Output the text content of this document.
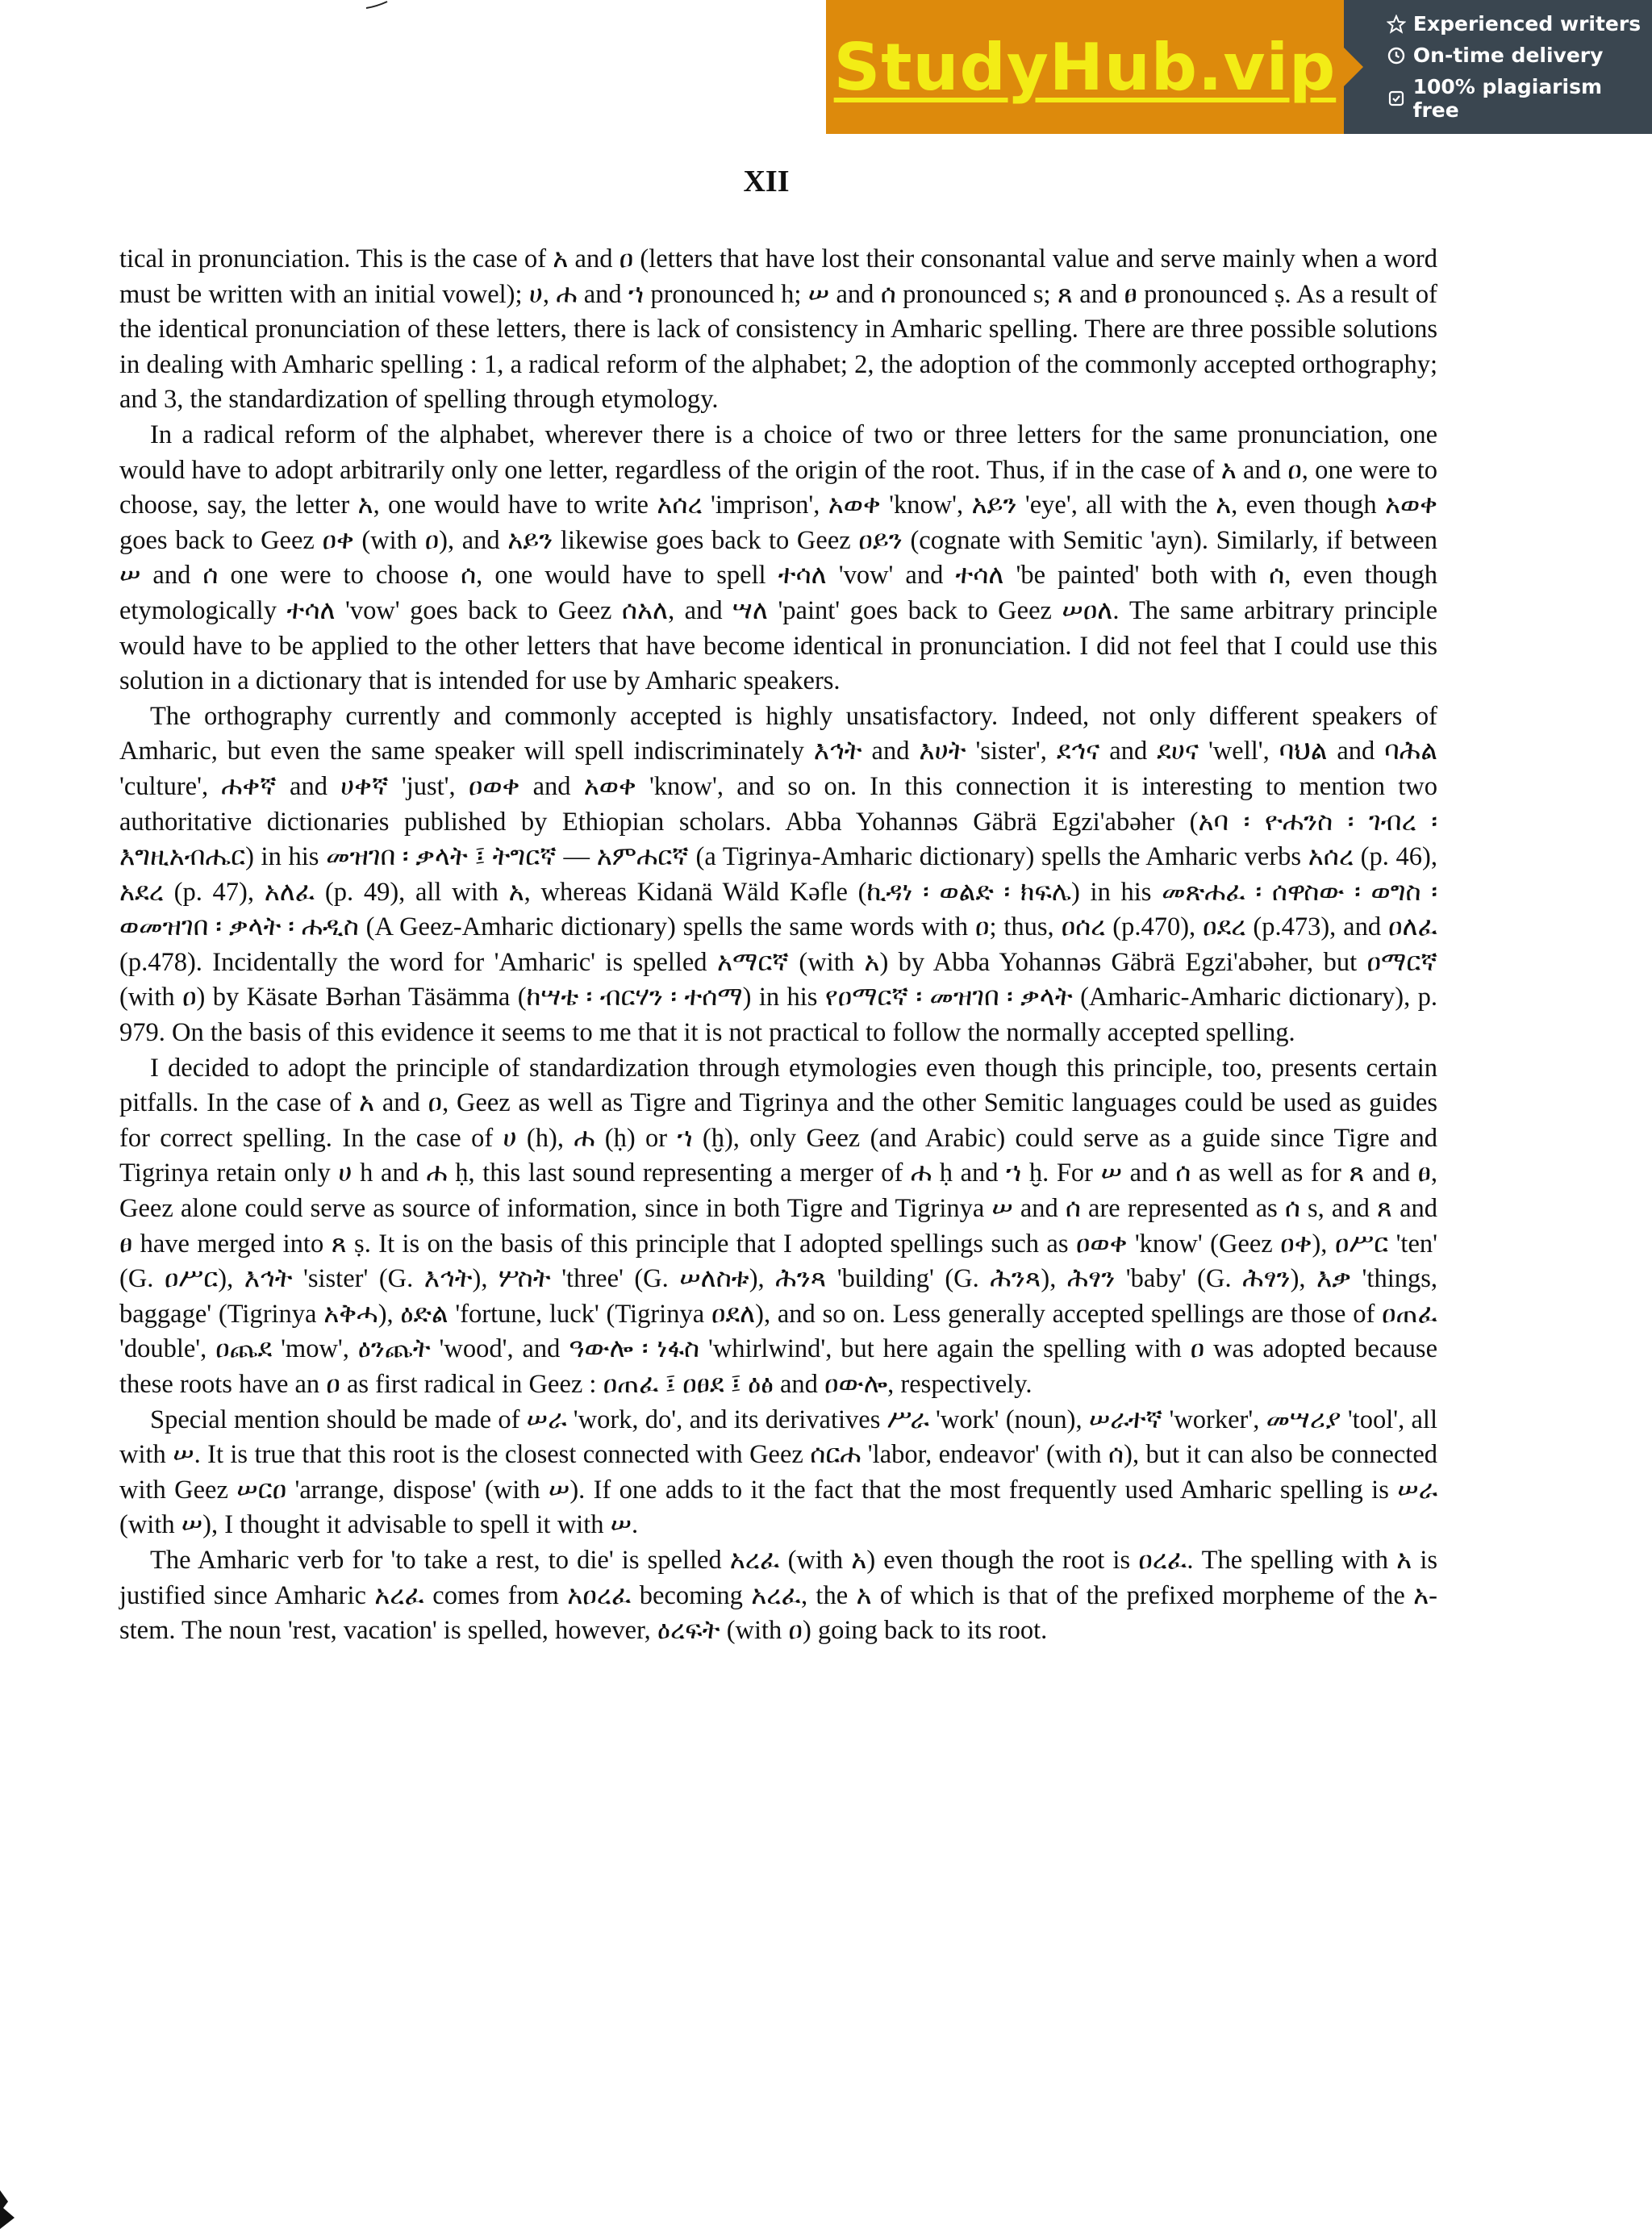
StudyHub.vip
Experienced writers
On-time delivery
100% plagiarism free
XII

tical in pronunciation. This is the case of አ and ዐ (letters that have lost their consonantal value and serve mainly when a word must be written with an initial vowel); ሀ, ሐ and ኀ pronounced h; ሠ and ሰ pronounced s; ጸ and ፀ pronounced ṣ. As a result of the identical pronunciation of these letters, there is lack of consistency in Amharic spelling. There are three possible solutions in dealing with Amharic spelling : 1, a radical reform of the alphabet; 2, the adoption of the commonly accepted orthography; and 3, the standardization of spelling through etymology.

In a radical reform of the alphabet, wherever there is a choice of two or three letters for the same pronunciation, one would have to adopt arbitrarily only one letter, regardless of the origin of the root. Thus, if in the case of አ and ዐ, one were to choose, say, the letter አ, one would have to write አሰረ 'imprison', አወቀ 'know', አይን 'eye', all with the አ, even though አወቀ goes back to Geez ዐቀ (with ዐ), and አይን likewise goes back to Geez ዐይን (cognate with Semitic 'ayn). Similarly, if between ሠ and ሰ one were to choose ሰ, one would have to spell ተሳለ 'vow' and ተሳለ 'be painted' both with ሰ, even though etymologically ተሳለ 'vow' goes back to Geez ሰአለ, and ሣለ 'paint' goes back to Geez ሠዐለ. The same arbitrary principle would have to be applied to the other letters that have become identical in pronunciation. I did not feel that I could use this solution in a dictionary that is intended for use by Amharic speakers.

The orthography currently and commonly accepted is highly unsatisfactory. Indeed, not only different speakers of Amharic, but even the same speaker will spell indiscriminately እኅት and እሀት 'sister', ደኅና and ደሀና 'well', ባህል and ባሕል 'culture', ሐቀኛ and ሀቀኛ 'just', ዐወቀ and አወቀ 'know', and so on. In this connection it is interesting to mention two authoritative dictionaries published by Ethiopian scholars. Abba Yohannəs Gäbrä Egzi'abəher (አባ ፡ ዮሐንስ ፡ ገብረ ፡ እግዚአብሔር) in his መዝገበ ፡ ቃላት ፤ ትግርኛ — አምሐርኛ (a Tigrinya-Amharic dictionary) spells the Amharic verbs አሰረ (p. 46), አደረ (p. 47), አለፈ (p. 49), all with አ, whereas Kidanä Wäld Kəfle (ኪዳነ ፡ ወልድ ፡ ክፍሌ) in his መጽሐፈ ፡ ሰዋስው ፡ ወግስ ፡ ወመዝገበ ፡ ቃላት ፡ ሐዲስ (A Geez-Amharic dictionary) spells the same words with ዐ; thus, ዐሰረ (p.470), ዐደረ (p.473), and ዐለፈ (p.478). Incidentally the word for 'Amharic' is spelled አማርኛ (with አ) by Abba Yohannəs Gäbrä Egzi'abəher, but ዐማርኛ (with ዐ) by Käsate Bərhan Täsämma (ከሣቴ ፡ ብርሃን ፡ ተሰማ) in his የዐማርኛ ፡ መዝገበ ፡ ቃላት (Amharic-Amharic dictionary), p. 979. On the basis of this evidence it seems to me that it is not practical to follow the normally accepted spelling.

I decided to adopt the principle of standardization through etymologies even though this principle, too, presents certain pitfalls. In the case of አ and ዐ, Geez as well as Tigre and Tigrinya and the other Semitic languages could be used as guides for correct spelling. In the case of ሀ (h), ሐ (ḥ) or ኀ (ḫ), only Geez (and Arabic) could serve as a guide since Tigre and Tigrinya retain only ሀ h and ሐ ḥ, this last sound representing a merger of ሐ ḥ and ኀ ḫ. For ሠ and ሰ as well as for ጸ and ፀ, Geez alone could serve as source of information, since in both Tigre and Tigrinya ሠ and ሰ are represented as ሰ s, and ጸ and ፀ have merged into ጸ ṣ. It is on the basis of this principle that I adopted spellings such as ዐወቀ 'know' (Geez ዐቀ), ዐሥር 'ten' (G. ዐሥር), እኅት 'sister' (G. እኅት), ሦስት 'three' (G. ሠለስቱ), ሕንጻ 'building' (G. ሕንጻ), ሕፃን 'baby' (G. ሕፃን), እቃ 'things, baggage' (Tigrinya አቅሓ), ዕድል 'fortune, luck' (Tigrinya ዐደለ), and so on. Less generally accepted spellings are those of ዐጠፈ 'double', ዐጨደ 'mow', ዕንጨት 'wood', and ዓውሎ ፡ ነፋስ 'whirlwind', but here again the spelling with ዐ was adopted because these roots have an ዐ as first radical in Geez : ዐጠፈ ፤ ዐፀደ ፤ ዕፅ and ዐውሎ, respectively.

Special mention should be made of ሠራ 'work, do', and its derivatives ሥራ 'work' (noun), ሠራተኛ 'worker', መሣሪያ 'tool', all with ሠ. It is true that this root is the closest connected with Geez ሰርሐ 'labor, endeavor' (with ሰ), but it can also be connected with Geez ሠርዐ 'arrange, dispose' (with ሠ). If one adds to it the fact that the most frequently used Amharic spelling is ሠራ (with ሠ), I thought it advisable to spell it with ሠ.

The Amharic verb for 'to take a rest, to die' is spelled አረፈ (with አ) even though the root is ዐረፈ. The spelling with አ is justified since Amharic አረፈ comes from አዐረፈ becoming አረፈ, the አ of which is that of the prefixed morpheme of the አ-stem. The noun 'rest, vacation' is spelled, however, ዕረፍት (with ዐ) going back to its root.
